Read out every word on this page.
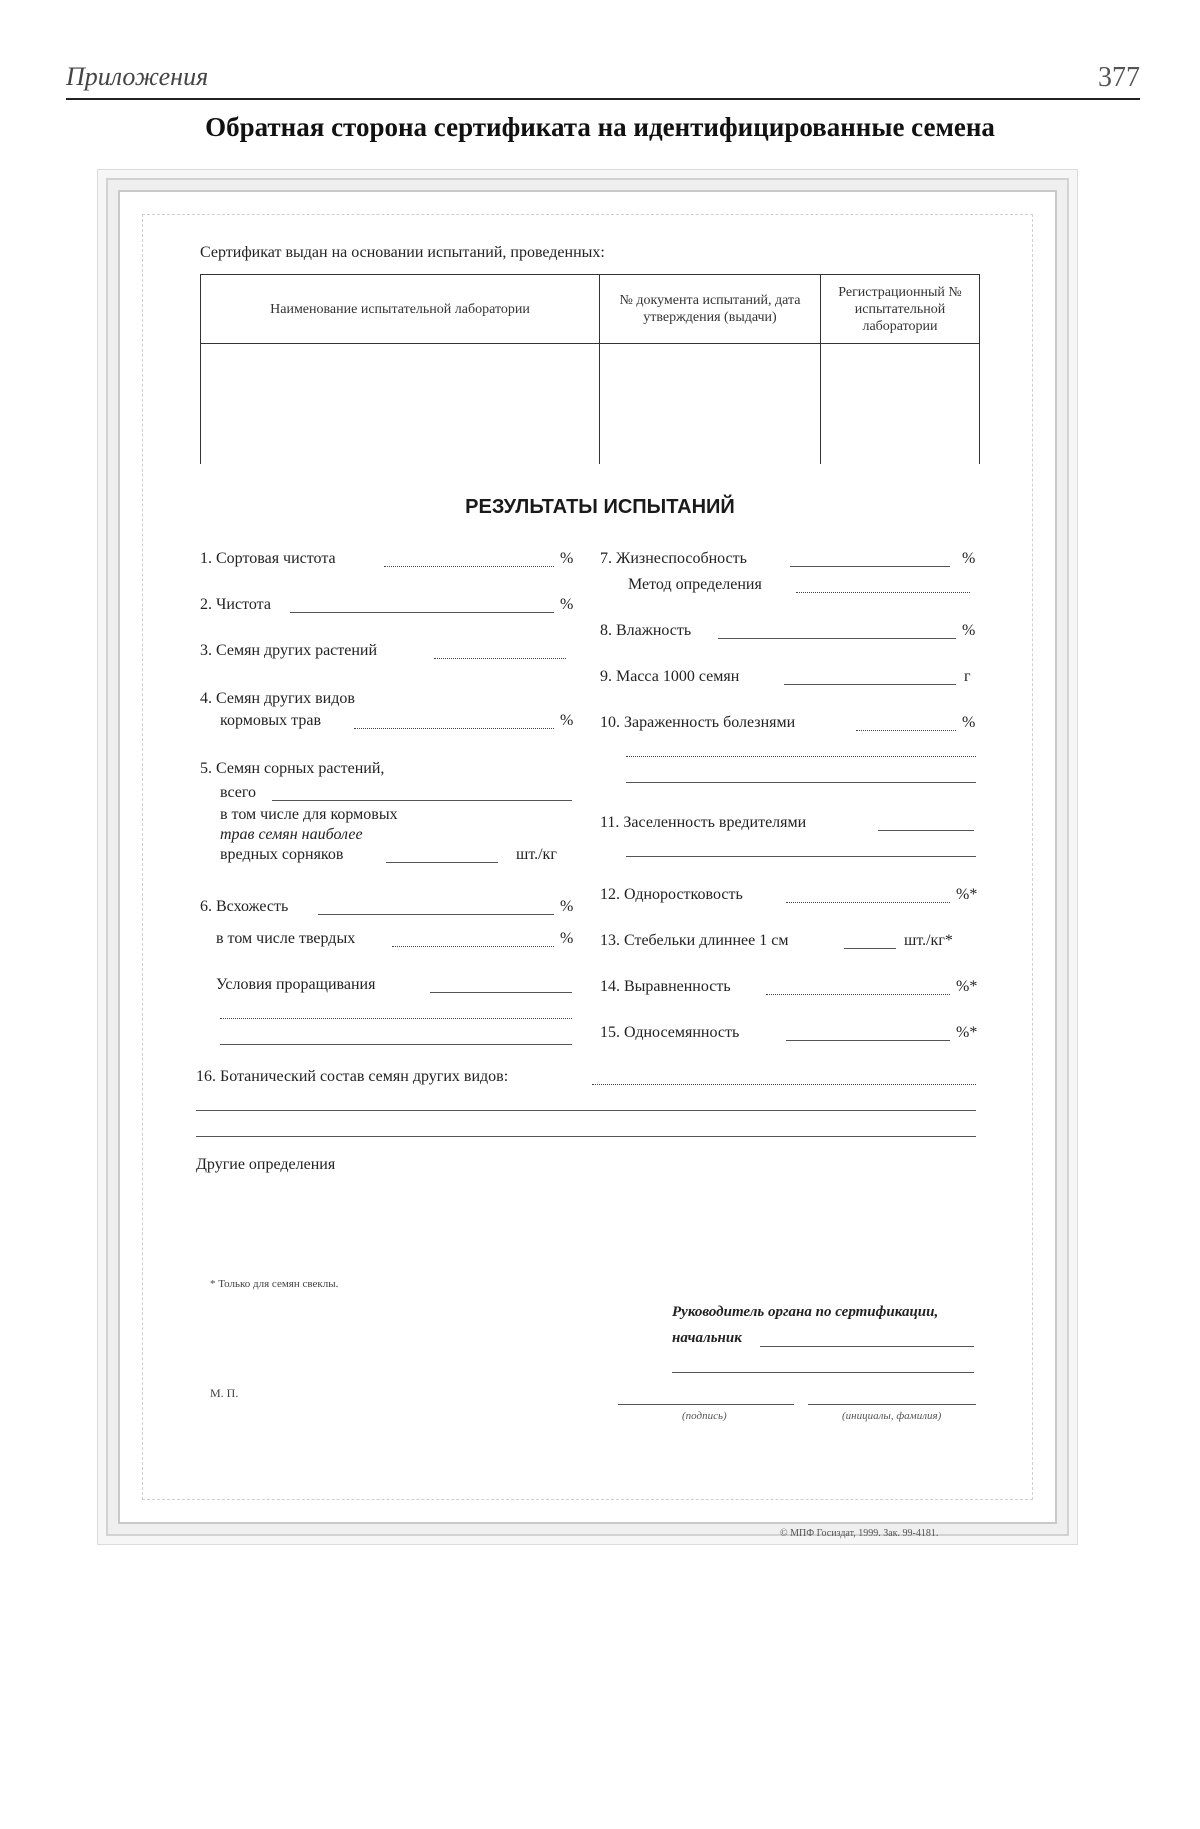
Приложения	377
Обратная сторона сертификата на идентифицированные семена
Сертификат выдан на основании испытаний, проведенных:
Наименование испытательной лаборатории	№ документа испытаний, дата утверждения (выдачи)	Регистрационный № испытательной лаборатории

РЕЗУЛЬТАТЫ ИСПЫТАНИЙ
1. Сортовая чистота	%
2. Чистота	%
3. Семян других растений
4. Семян других видов
кормовых трав	%
5. Семян сорных растений,
всего
в том числе для кормовых
трав семян наиболее
вредных сорняков	шт./кг
6. Всхожесть	%
в том числе твердых	%
Условия проращивания
7. Жизнеспособность	%
Метод определения
8. Влажность	%
9. Масса 1000 семян	г
10. Зараженность болезнями	%
11. Заселенность вредителями
12. Одноростковость	%*
13. Стебельки длиннее 1 см	шт./кг*
14. Выравненность	%*
15. Односемянность	%*
16. Ботанический состав семян других видов:
Другие определения
* Только для семян свеклы.
Руководитель органа по сертификации,
начальник
М. П.
(подпись)	(инициалы, фамилия)
© МПФ Госиздат, 1999. Зак. 99-4181.
